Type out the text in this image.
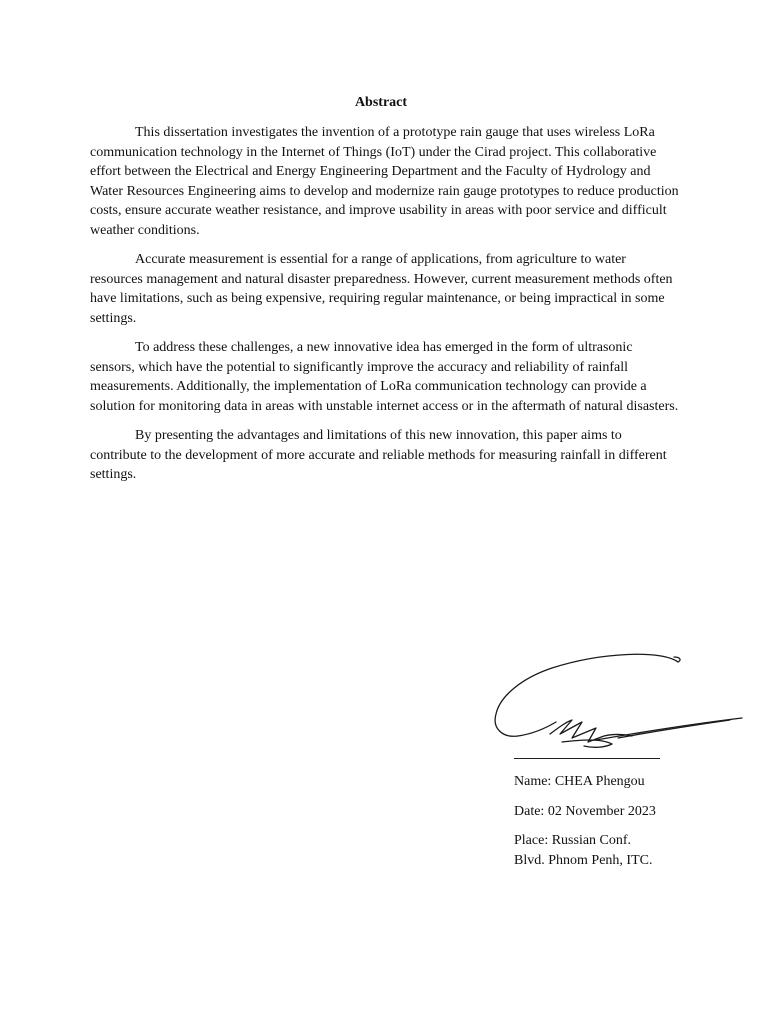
Abstract

This dissertation investigates the invention of a prototype rain gauge that uses wireless LoRa communication technology in the Internet of Things (IoT) under the Cirad project. This collaborative effort between the Electrical and Energy Engineering Department and the Faculty of Hydrology and Water Resources Engineering aims to develop and modernize rain gauge prototypes to reduce production costs, ensure accurate weather resistance, and improve usability in areas with poor service and difficult weather conditions.

Accurate measurement is essential for a range of applications, from agriculture to water resources management and natural disaster preparedness. However, current measurement methods often have limitations, such as being expensive, requiring regular maintenance, or being impractical in some settings.

To address these challenges, a new innovative idea has emerged in the form of ultrasonic sensors, which have the potential to significantly improve the accuracy and reliability of rainfall measurements. Additionally, the implementation of LoRa communication technology can provide a solution for monitoring data in areas with unstable internet access or in the aftermath of natural disasters.

By presenting the advantages and limitations of this new innovation, this paper aims to contribute to the development of more accurate and reliable methods for measuring rainfall in different settings.

Name: CHEA Phengou

Date: 02 November 2023

Place: Russian Conf.
Blvd. Phnom Penh, ITC.
